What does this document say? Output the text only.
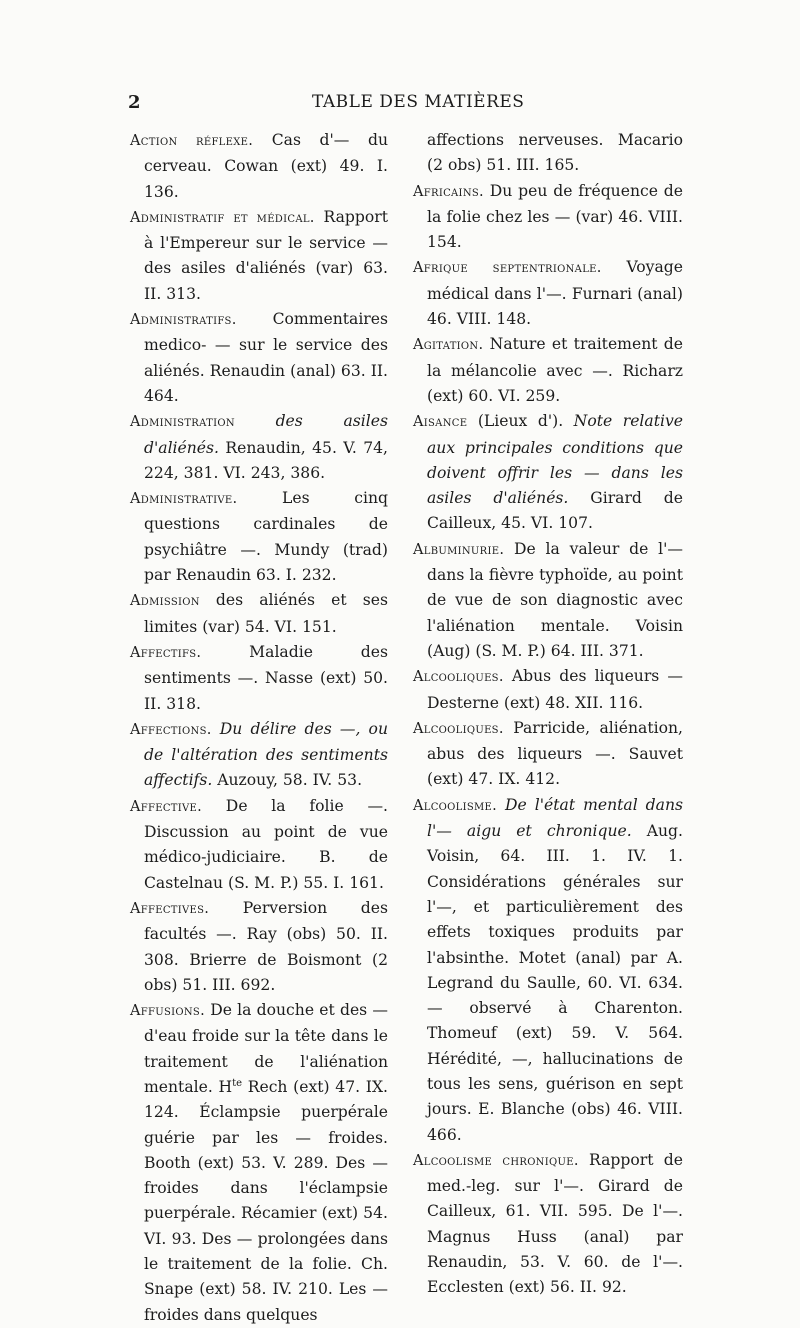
2	TABLE DES MATIÈRES

Action réflexe. Cas d'— du cerveau. Cowan (ext) 49. I. 136.

Administratif et médical. Rapport à l'Empereur sur le service — des asiles d'aliénés (var) 63. II. 313.

Administratifs. Commentaires medico- — sur le service des aliénés. Renaudin (anal) 63. II. 464.

Administration des asiles d'aliénés. Renaudin, 45. V. 74, 224, 381. VI. 243, 386.

Administrative. Les cinq questions cardinales de psychiâtre —. Mundy (trad) par Renaudin 63. I. 232.

Admission des aliénés et ses limites (var) 54. VI. 151.

Affectifs. Maladie des sentiments —. Nasse (ext) 50. II. 318.

Affections. Du délire des —, ou de l'altération des sentiments affectifs. Auzouy, 58. IV. 53.

Affective. De la folie —. Discussion au point de vue médico-judiciaire. B. de Castelnau (S. M. P.) 55. I. 161.

Affectives. Perversion des facultés —. Ray (obs) 50. II. 308. Brierre de Boismont (2 obs) 51. III. 692.

Affusions. De la douche et des — d'eau froide sur la tête dans le traitement de l'aliénation mentale. $H^{te}$ Rech (ext) 47. IX. 124. Éclampsie puerpérale guérie par les — froides. Booth (ext) 53. V. 289. Des — froides dans l'éclampsie puerpérale. Récamier (ext) 54. VI. 93. Des — prolongées dans le traitement de la folie. Ch. Snape (ext) 58. IV. 210. Les — froides dans quelques

affections nerveuses. Macario (2 obs) 51. III. 165.

Africains. Du peu de fréquence de la folie chez les — (var) 46. VIII. 154.

Afrique septentrionale. Voyage médical dans l'—. Furnari (anal) 46. VIII. 148.

Agitation. Nature et traitement de la mélancolie avec —. Richarz (ext) 60. VI. 259.

Aisance (Lieux d'). Note relative aux principales conditions que doivent offrir les — dans les asiles d'aliénés. Girard de Cailleux, 45. VI. 107.

Albuminurie. De la valeur de l'— dans la fièvre typhoïde, au point de vue de son diagnostic avec l'aliénation mentale. Voisin (Aug) (S. M. P.) 64. III. 371.

Alcooliques. Abus des liqueurs — Desterne (ext) 48. XII. 116.

Alcooliques. Parricide, aliénation, abus des liqueurs —. Sauvet (ext) 47. IX. 412.

Alcoolisme. De l'état mental dans l'— aigu et chronique. Aug. Voisin, 64. III. 1. IV. 1. Considérations générales sur l'—, et particulièrement des effets toxiques produits par l'absinthe. Motet (anal) par A. Legrand du Saulle, 60. VI. 634. — observé à Charenton. Thomeuf (ext) 59. V. 564. Hérédité, —, hallucinations de tous les sens, guérison en sept jours. E. Blanche (obs) 46. VIII. 466.

Alcoolisme chronique. Rapport de med.-leg. sur l'—. Girard de Cailleux, 61. VII. 595. De l'—. Magnus Huss (anal) par Renaudin, 53. V. 60. de l'—. Ecclesten (ext) 56. II. 92.
